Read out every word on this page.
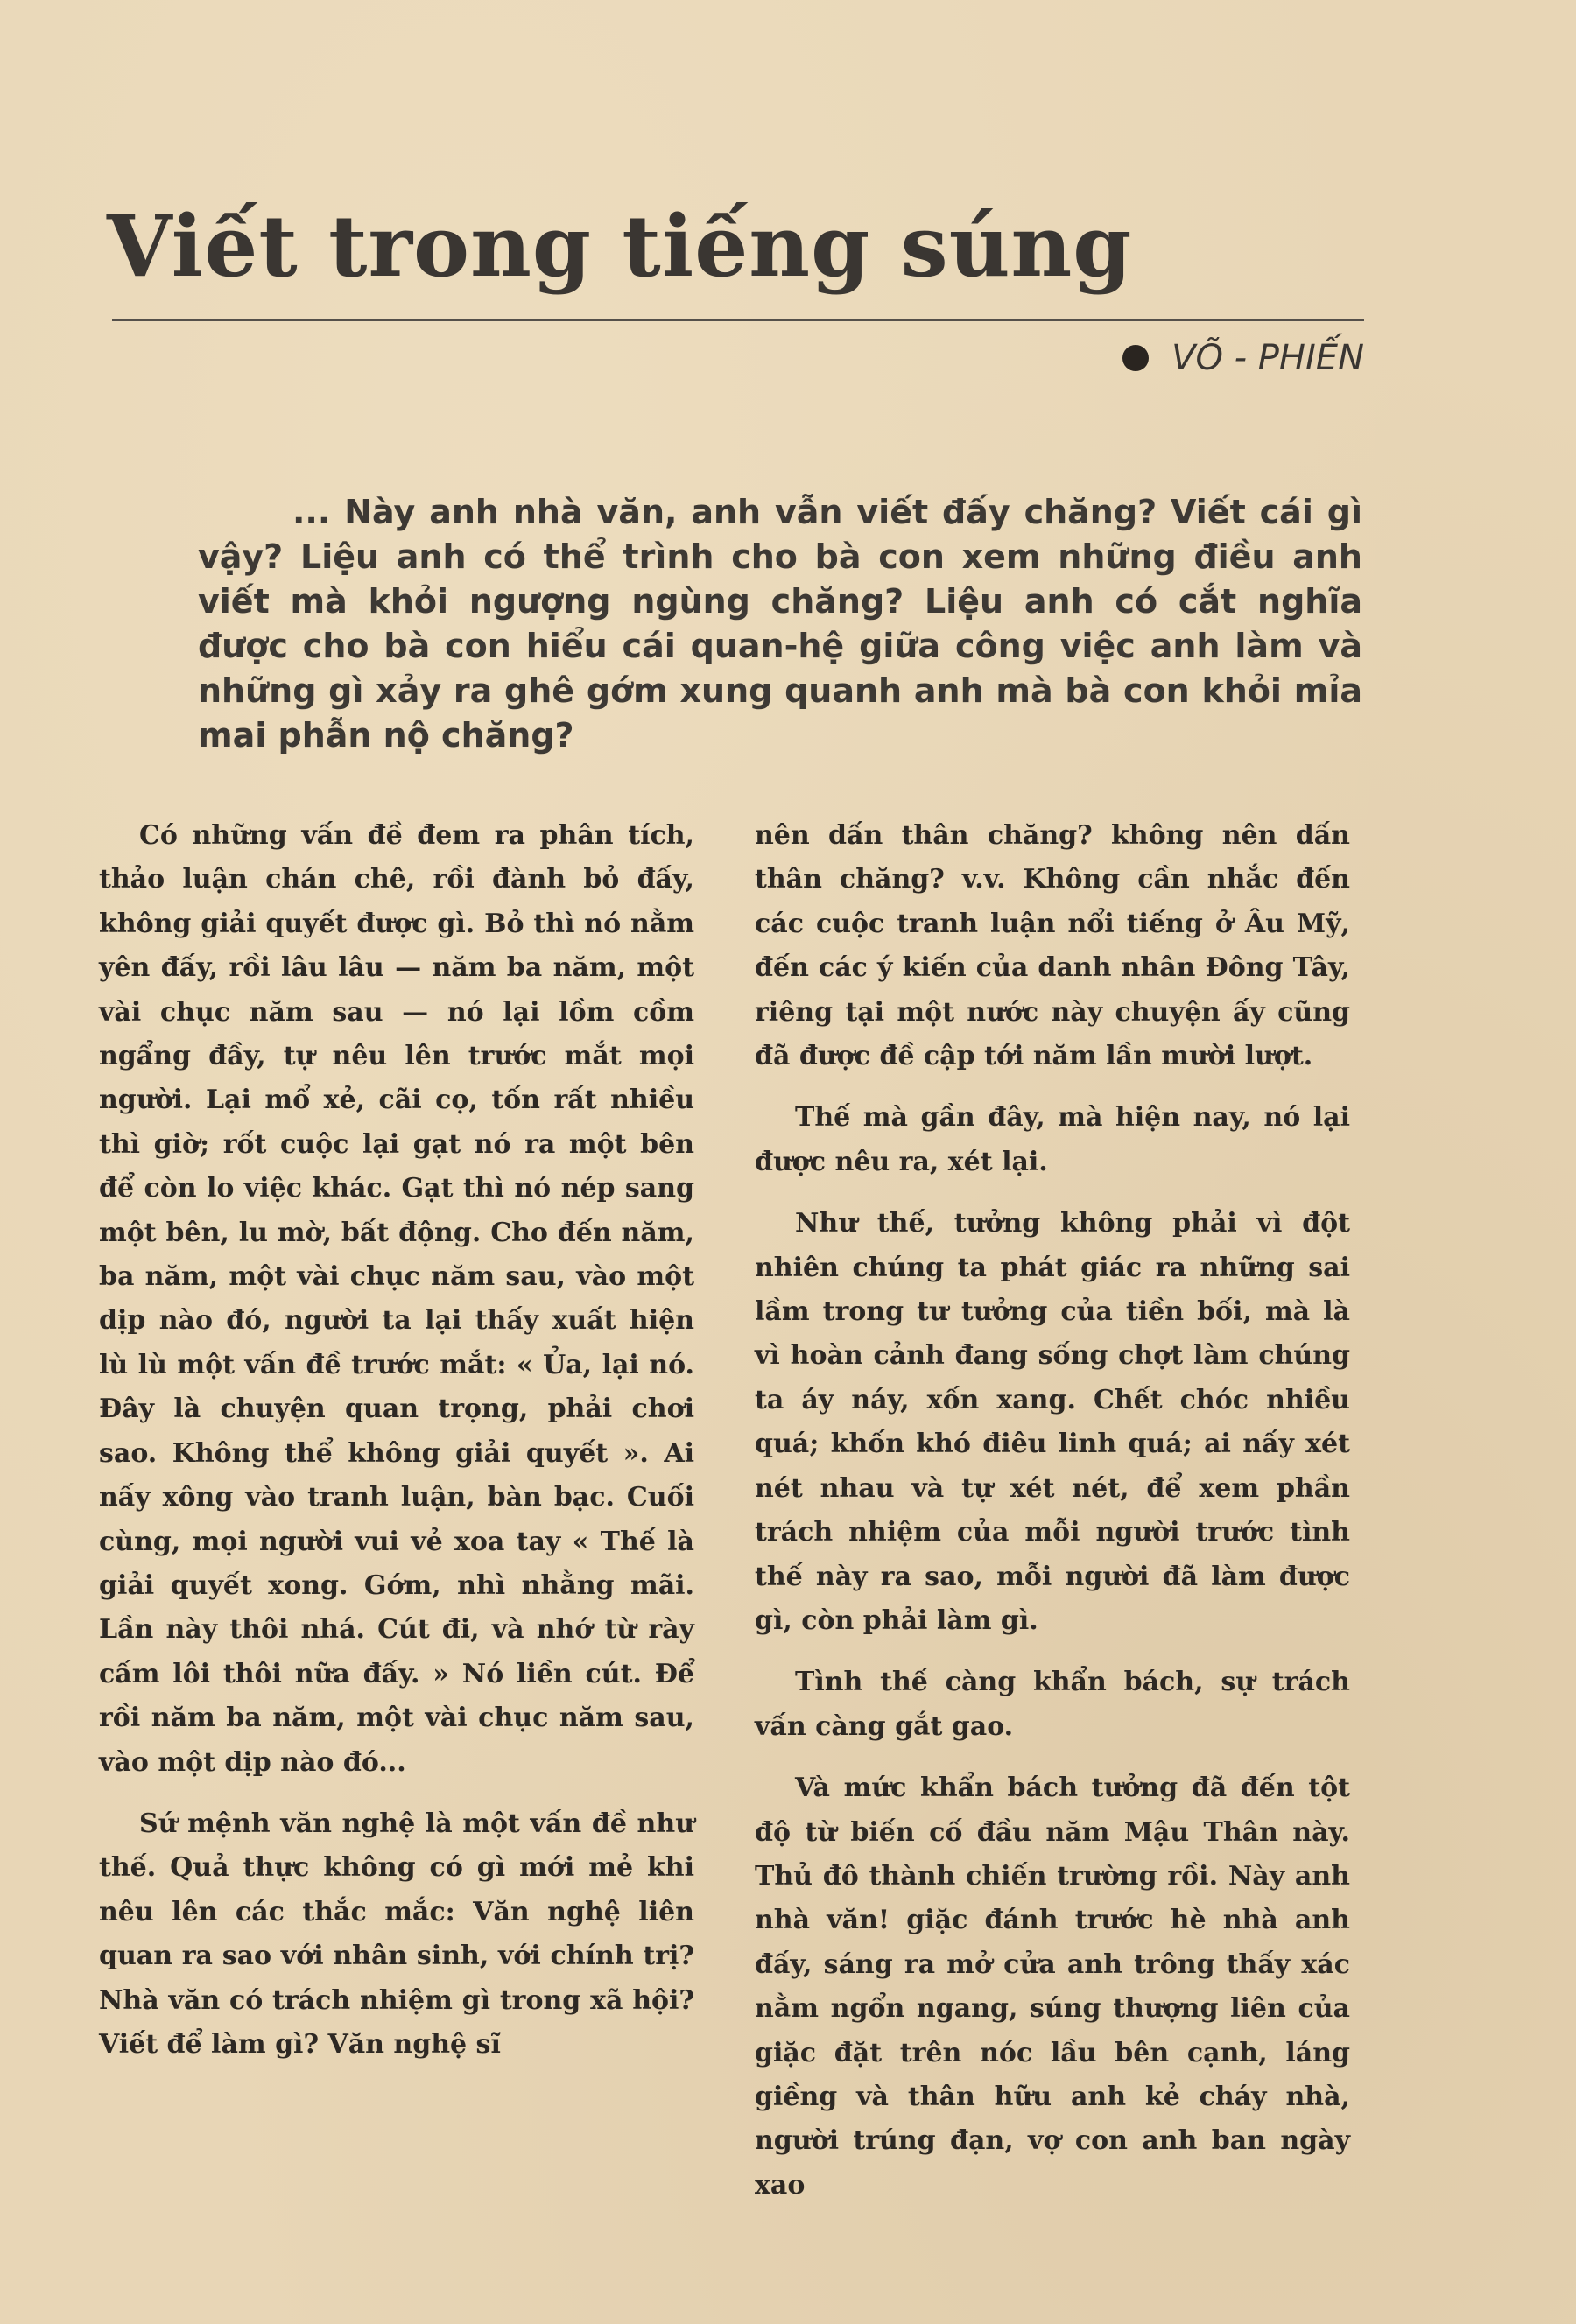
Viết trong tiếng súng
VÕ - PHIẾN

... Này anh nhà văn, anh vẫn viết đấy chăng? Viết cái gì vậy? Liệu anh có thể trình cho bà con xem những điều anh viết mà khỏi ngượng ngùng chăng? Liệu anh có cắt nghĩa được cho bà con hiểu cái quan-hệ giữa công việc anh làm và những gì xảy ra ghê gớm xung quanh anh mà bà con khỏi mỉa mai phẫn nộ chăng?

Có những vấn đề đem ra phân tích, thảo luận chán chê, rồi đành bỏ đấy, không giải quyết được gì. Bỏ thì nó nằm yên đấy, rồi lâu lâu — năm ba năm, một vài chục năm sau — nó lại lồm cồm ngẩng đầy, tự nêu lên trước mắt mọi người. Lại mổ xẻ, cãi cọ, tốn rất nhiều thì giờ; rốt cuộc lại gạt nó ra một bên để còn lo việc khác. Gạt thì nó nép sang một bên, lu mờ, bất động. Cho đến năm, ba năm, một vài chục năm sau, vào một dịp nào đó, người ta lại thấy xuất hiện lù lù một vấn đề trước mắt: « Ủa, lại nó. Đây là chuyện quan trọng, phải chơi sao. Không thể không giải quyết ». Ai nấy xông vào tranh luận, bàn bạc. Cuối cùng, mọi người vui vẻ xoa tay « Thế là giải quyết xong. Gớm, nhì nhằng mãi. Lần này thôi nhá. Cút đi, và nhớ từ rày cấm lôi thôi nữa đấy. » Nó liền cút. Để rồi năm ba năm, một vài chục năm sau, vào một dịp nào đó...

Sứ mệnh văn nghệ là một vấn đề như thế. Quả thực không có gì mới mẻ khi nêu lên các thắc mắc: Văn nghệ liên quan ra sao với nhân sinh, với chính trị? Nhà văn có trách nhiệm gì trong xã hội? Viết để làm gì? Văn nghệ sĩ

nên dấn thân chăng? không nên dấn thân chăng? v.v. Không cần nhắc đến các cuộc tranh luận nổi tiếng ở Âu Mỹ, đến các ý kiến của danh nhân Đông Tây, riêng tại một nước này chuyện ấy cũng đã được đề cập tới năm lần mười lượt.

Thế mà gần đây, mà hiện nay, nó lại được nêu ra, xét lại.

Như thế, tưởng không phải vì đột nhiên chúng ta phát giác ra những sai lầm trong tư tưởng của tiền bối, mà là vì hoàn cảnh đang sống chợt làm chúng ta áy náy, xốn xang. Chết chóc nhiều quá; khốn khó điêu linh quá; ai nấy xét nét nhau và tự xét nét, để xem phần trách nhiệm của mỗi người trước tình thế này ra sao, mỗi người đã làm được gì, còn phải làm gì.

Tình thế càng khẩn bách, sự trách vấn càng gắt gao.

Và mức khẩn bách tưởng đã đến tột độ từ biến cố đầu năm Mậu Thân này. Thủ đô thành chiến trường rồi. Này anh nhà văn! giặc đánh trước hè nhà anh đấy, sáng ra mở cửa anh trông thấy xác nằm ngổn ngang, súng thượng liên của giặc đặt trên nóc lầu bên cạnh, láng giềng và thân hữu anh kẻ cháy nhà, người trúng đạn, vợ con anh ban ngày xao
